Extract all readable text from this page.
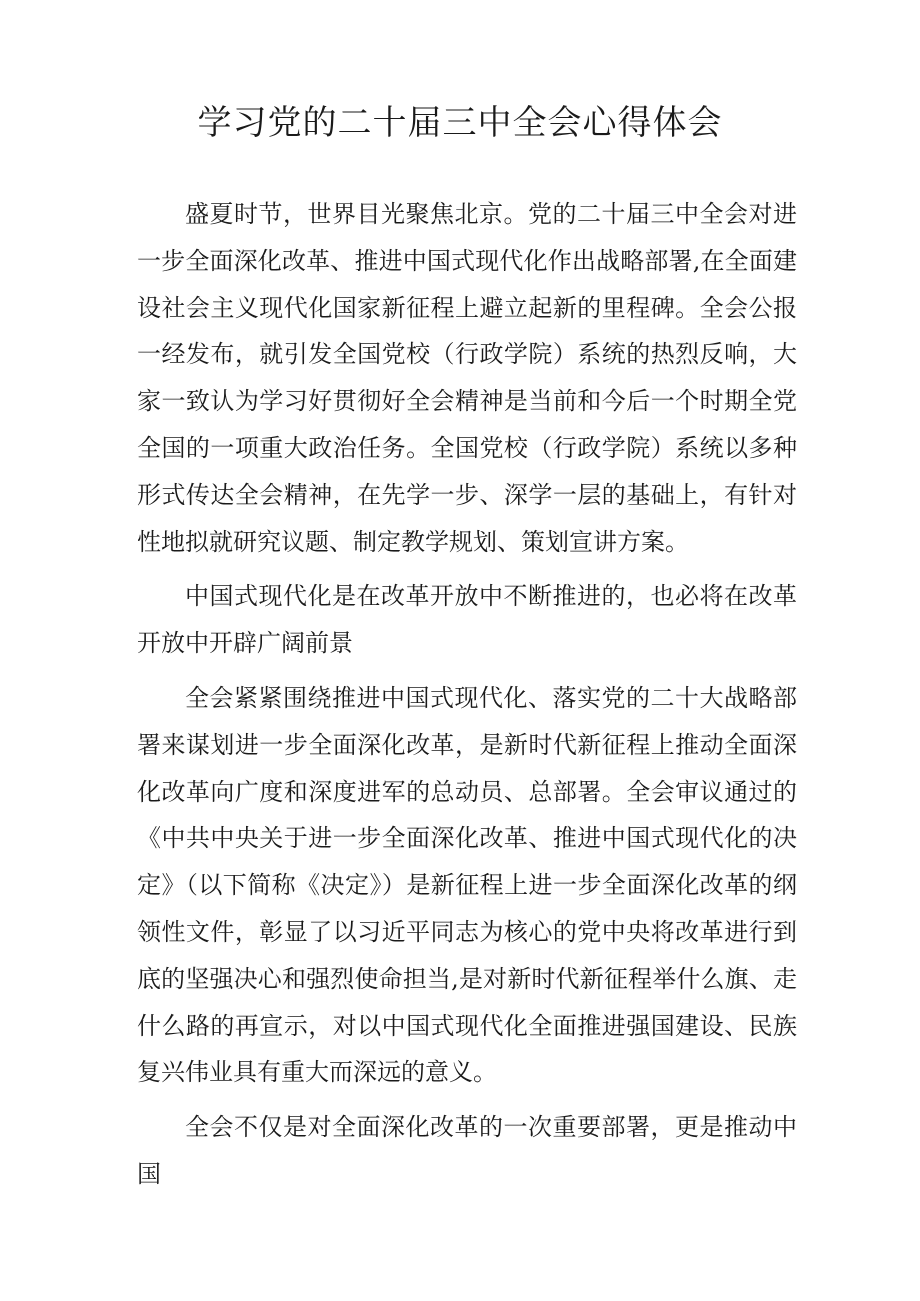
学习党的二十届三中全会心得体会

盛夏时节，世界目光聚焦北京。党的二十届三中全会对进一步全面深化改革、推进中国式现代化作出战略部署,在全面建设社会主义现代化国家新征程上避立起新的里程碑。全会公报一经发布，就引发全国党校（行政学院）系统的热烈反响，大家一致认为学习好贯彻好全会精神是当前和今后一个时期全党全国的一项重大政治任务。全国党校（行政学院）系统以多种形式传达全会精神，在先学一步、深学一层的基础上，有针对性地拟就研究议题、制定教学规划、策划宣讲方案。

中国式现代化是在改革开放中不断推进的，也必将在改革开放中开辟广阔前景

全会紧紧围绕推进中国式现代化、落实党的二十大战略部署来谋划进一步全面深化改革，是新时代新征程上推动全面深化改革向广度和深度进军的总动员、总部署。全会审议通过的《中共中央关于进一步全面深化改革、推进中国式现代化的决定》（以下简称《决定》）是新征程上进一步全面深化改革的纲领性文件，彰显了以习近平同志为核心的党中央将改革进行到底的坚强决心和强烈使命担当,是对新时代新征程举什么旗、走什么路的再宣示，对以中国式现代化全面推进强国建设、民族复兴伟业具有重大而深远的意义。

全会不仅是对全面深化改革的一次重要部署，更是推动中国
